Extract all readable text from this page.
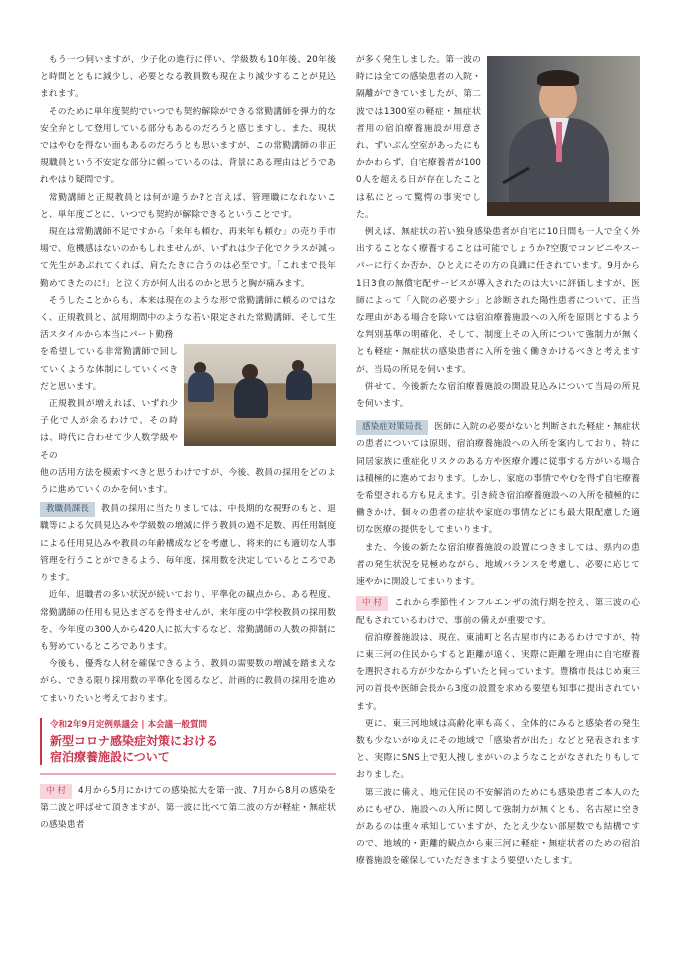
もう一つ伺いますが、少子化の進行に伴い、学級数も10年後、20年後と時間とともに減少し、必要となる教員数も現在より減少することが見込まれます。

そのために単年度契約でいつでも契約解除ができる常勤講師を弾力的な安全弁として登用している部分もあるのだろうと感じますし、また、現状ではやむを得ない面もあるのだろうとも思いますが、この常勤講師の非正規職員という不安定な部分に頼っているのは、背景にある理由はどうであれやはり疑問です。

常勤講師と正規教員とは何が違うか?と言えば、管理職になれないこと、単年度ごとに、いつでも契約が解除できるということです。

現在は常勤講師不足ですから「来年も頼む、再来年も頼む」の売り手市場で、危機感はないのかもしれませんが、いずれは少子化でクラスが減って先生があぶれてくれば、肩たたきに合うのは必至です。「これまで長年勤めてきたのに!」と泣く方が何人出るのかと思うと胸が痛みます。

そうしたことからも、本来は現在のような形で常勤講師に頼るのではなく、正規教員と、試用期間中のような若い限定された常勤講師、そして生活スタイルから本当にパート勤務

を希望している非常勤講師で回していくような体制にしていくべきだと思います。

正規教員が増えれば、いずれ少子化で人が余るわけで、その時は、時代に合わせて少人数学級やその

他の活用方法を模索すべきと思うわけですが、今後、教員の採用をどのように進めていくのかを伺います。

教職員課長 教員の採用に当たりましては、中長期的な視野のもと、退職等による欠員見込みや学級数の増減に伴う教員の過不足数、再任用制度による任用見込みや教員の年齢構成などを考慮し、将来的にも適切な人事管理を行うことができるよう、毎年度、採用数を決定しているところであります。

近年、退職者の多い状況が続いており、平準化の観点から、ある程度、常勤講師の任用も見込まざるを得ませんが、来年度の中学校教員の採用数を、今年度の300人から420人に拡大するなど、常勤講師の人数の抑制にも努めているところであります。

今後も、優秀な人材を確保できるよう、教員の需要数の増減を踏まえながら、できる限り採用数の平準化を図るなど、計画的に教員の採用を進めてまいりたいと考えております。

令和2年9月定例県議会 | 本会議一般質問
新型コロナ感染症対策における
宿泊療養施設について

中 村 4月から5月にかけての感染拡大を第一波、7月から8月の感染を第二波と呼ばせて頂きますが、第一波に比べて第二波の方が軽症・無症状の感染患者

が多く発生しました。第一波の時には全ての感染患者の入院・隔離ができていましたが、第二波では1300室の軽症・無症状者用の宿泊療養施設が用意され、ずいぶん空室があったにもかかわらず、自宅療養者が1000人を超える日が存在したことは私にとって驚愕の事実でした。

例えば、無症状の若い独身感染患者が自宅に10日間も一人で全く外出することなく療養することは可能でしょうか?空腹でコンビニやスーパーに行くか否か、ひとえにその方の良識に任されています。9月から1日3食の無償宅配サービスが導入されたのは大いに評価しますが、医師によって「入院の必要ナシ」と診断された陽性患者について、正当な理由がある場合を除いては宿泊療養施設への入所を原則とするような判別基準の明確化、そして、制度上その入所について強制力が無くとも軽症・無症状の感染患者に入所を強く働きかけるべきと考えますが、当局の所見を伺います。

併せて、今後新たな宿泊療養施設の開設見込みについて当局の所見を伺います。

感染症対策局長 医師に入院の必要がないと判断された軽症・無症状の患者については原則、宿泊療養施設への入所を案内しており、特に同居家族に重症化リスクのある方や医療介護に従事する方がいる場合は積極的に進めております。しかし、家庭の事情でやむを得ず自宅療養を希望される方も見えます。引き続き宿泊療養施設への入所を積極的に働きかけ、個々の患者の症状や家庭の事情などにも最大限配慮した適切な医療の提供をしてまいります。

また、今後の新たな宿泊療養施設の設置につきましては、県内の患者の発生状況を見極めながら、地域バランスを考慮し、必要に応じて速やかに開設してまいります。

中 村 これから季節性インフルエンザの流行期を控え、第三波の心配もされているわけで、事前の備えが重要です。

宿泊療養施設は、現在、東浦町と名古屋市内にあるわけですが、特に東三河の住民からすると距離が遠く、実際に距離を理由に自宅療養を選択される方が少なからずいたと伺っています。豊橋市長はじめ東三河の首長や医師会長から3度の設置を求める要望も知事に提出されています。

更に、東三河地域は高齢化率も高く、全体的にみると感染者の発生数も少ないがゆえにその地域で「感染者が出た」などと発表されますと、実際にSNS上で犯人捜しまがいのようなことがなされたりもしておりました。

第三波に備え、地元住民の不安解消のためにも感染患者ご本人のためにもぜひ、施設への入所に関して強制力が無くとも、名古屋に空きがあるのは重々承知していますが、たとえ少ない部屋数でも結構ですので、地域的・距離的観点から東三河に軽症・無症状者のための宿泊療養施設を確保していただきますよう要望いたします。
